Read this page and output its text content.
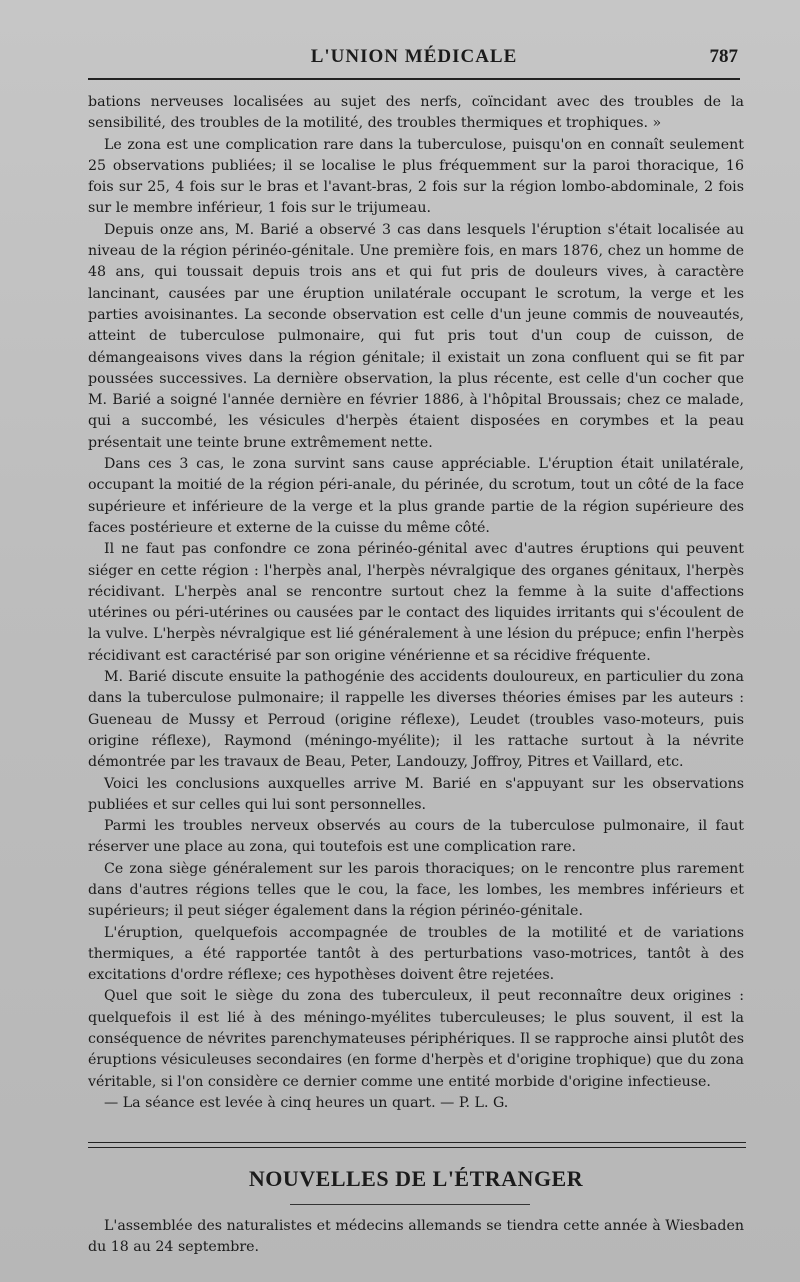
L'UNION MÉDICALE	787

bations nerveuses localisées au sujet des nerfs, coïncidant avec des troubles de la sensibilité, des troubles de la motilité, des troubles thermiques et trophiques. »

Le zona est une complication rare dans la tuberculose, puisqu'on en connaît seulement 25 observations publiées; il se localise le plus fréquemment sur la paroi thoracique, 16 fois sur 25, 4 fois sur le bras et l'avant-bras, 2 fois sur la région lombo-abdominale, 2 fois sur le membre inférieur, 1 fois sur le trijumeau.

Depuis onze ans, M. Barié a observé 3 cas dans lesquels l'éruption s'était localisée au niveau de la région périnéo-génitale. Une première fois, en mars 1876, chez un homme de 48 ans, qui toussait depuis trois ans et qui fut pris de douleurs vives, à caractère lancinant, causées par une éruption unilatérale occupant le scrotum, la verge et les parties avoisinantes. La seconde observation est celle d'un jeune commis de nouveautés, atteint de tuberculose pulmonaire, qui fut pris tout d'un coup de cuisson, de démangeaisons vives dans la région génitale; il existait un zona confluent qui se fit par poussées successives. La dernière observation, la plus récente, est celle d'un cocher que M. Barié a soigné l'année dernière en février 1886, à l'hôpital Broussais; chez ce malade, qui a succombé, les vésicules d'herpès étaient disposées en corymbes et la peau présentait une teinte brune extrêmement nette.

Dans ces 3 cas, le zona survint sans cause appréciable. L'éruption était unilatérale, occupant la moitié de la région péri-anale, du périnée, du scrotum, tout un côté de la face supérieure et inférieure de la verge et la plus grande partie de la région supérieure des faces postérieure et externe de la cuisse du même côté.

Il ne faut pas confondre ce zona périnéo-génital avec d'autres éruptions qui peuvent siéger en cette région : l'herpès anal, l'herpès névralgique des organes génitaux, l'herpès récidivant. L'herpès anal se rencontre surtout chez la femme à la suite d'affections utérines ou péri-utérines ou causées par le contact des liquides irritants qui s'écoulent de la vulve. L'herpès névralgique est lié généralement à une lésion du prépuce; enfin l'herpès récidivant est caractérisé par son origine vénérienne et sa récidive fréquente.

M. Barié discute ensuite la pathogénie des accidents douloureux, en particulier du zona dans la tuberculose pulmonaire; il rappelle les diverses théories émises par les auteurs : Gueneau de Mussy et Perroud (origine réflexe), Leudet (troubles vaso-moteurs, puis origine réflexe), Raymond (méningo-myélite); il les rattache surtout à la névrite démontrée par les travaux de Beau, Peter, Landouzy, Joffroy, Pitres et Vaillard, etc.

Voici les conclusions auxquelles arrive M. Barié en s'appuyant sur les observations publiées et sur celles qui lui sont personnelles.

Parmi les troubles nerveux observés au cours de la tuberculose pulmonaire, il faut réserver une place au zona, qui toutefois est une complication rare.

Ce zona siège généralement sur les parois thoraciques; on le rencontre plus rarement dans d'autres régions telles que le cou, la face, les lombes, les membres inférieurs et supérieurs; il peut siéger également dans la région périnéo-génitale.

L'éruption, quelquefois accompagnée de troubles de la motilité et de variations thermiques, a été rapportée tantôt à des perturbations vaso-motrices, tantôt à des excitations d'ordre réflexe; ces hypothèses doivent être rejetées.

Quel que soit le siège du zona des tuberculeux, il peut reconnaître deux origines : quelquefois il est lié à des méningo-myélites tuberculeuses; le plus souvent, il est la conséquence de névrites parenchymateuses périphériques. Il se rapproche ainsi plutôt des éruptions vésiculeuses secondaires (en forme d'herpès et d'origine trophique) que du zona véritable, si l'on considère ce dernier comme une entité morbide d'origine infectieuse.

— La séance est levée à cinq heures un quart. — P. L. G.

NOUVELLES DE L'ÉTRANGER

L'assemblée des naturalistes et médecins allemands se tiendra cette année à Wiesbaden du 18 au 24 septembre.
